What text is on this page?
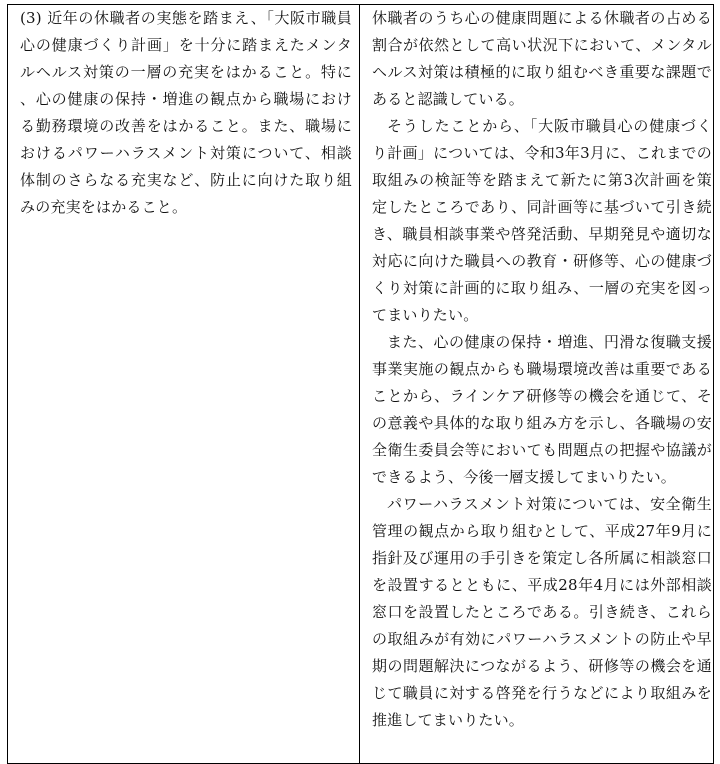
(3) 近年の休職者の実態を踏まえ、「大阪市職員心の健康づくり計画」を十分に踏まえたメンタルヘルス対策の一層の充実をはかること。特に、心の健康の保持・増進の観点から職場における勤務環境の改善をはかること。また、職場におけるパワーハラスメント対策について、相談体制のさらなる充実など、防止に向けた取り組みの充実をはかること。

休職者のうち心の健康問題による休職者の占める割合が依然として高い状況下において、メンタルヘルス対策は積極的に取り組むべき重要な課題であると認識している。

そうしたことから、「大阪市職員心の健康づくり計画」については、令和3年3月に、これまでの取組みの検証等を踏まえて新たに第3次計画を策定したところであり、同計画等に基づいて引き続き、職員相談事業や啓発活動、早期発見や適切な対応に向けた職員への教育・研修等、心の健康づくり対策に計画的に取り組み、一層の充実を図ってまいりたい。

また、心の健康の保持・増進、円滑な復職支援事業実施の観点からも職場環境改善は重要であることから、ラインケア研修等の機会を通じて、その意義や具体的な取り組み方を示し、各職場の安全衛生委員会等においても問題点の把握や協議ができるよう、今後一層支援してまいりたい。

パワーハラスメント対策については、安全衛生管理の観点から取り組むとして、平成27年9月に指針及び運用の手引きを策定し各所属に相談窓口を設置するとともに、平成28年4月には外部相談窓口を設置したところである。引き続き、これらの取組みが有効にパワーハラスメントの防止や早期の問題解決につながるよう、研修等の機会を通じて職員に対する啓発を行うなどにより取組みを推進してまいりたい。
